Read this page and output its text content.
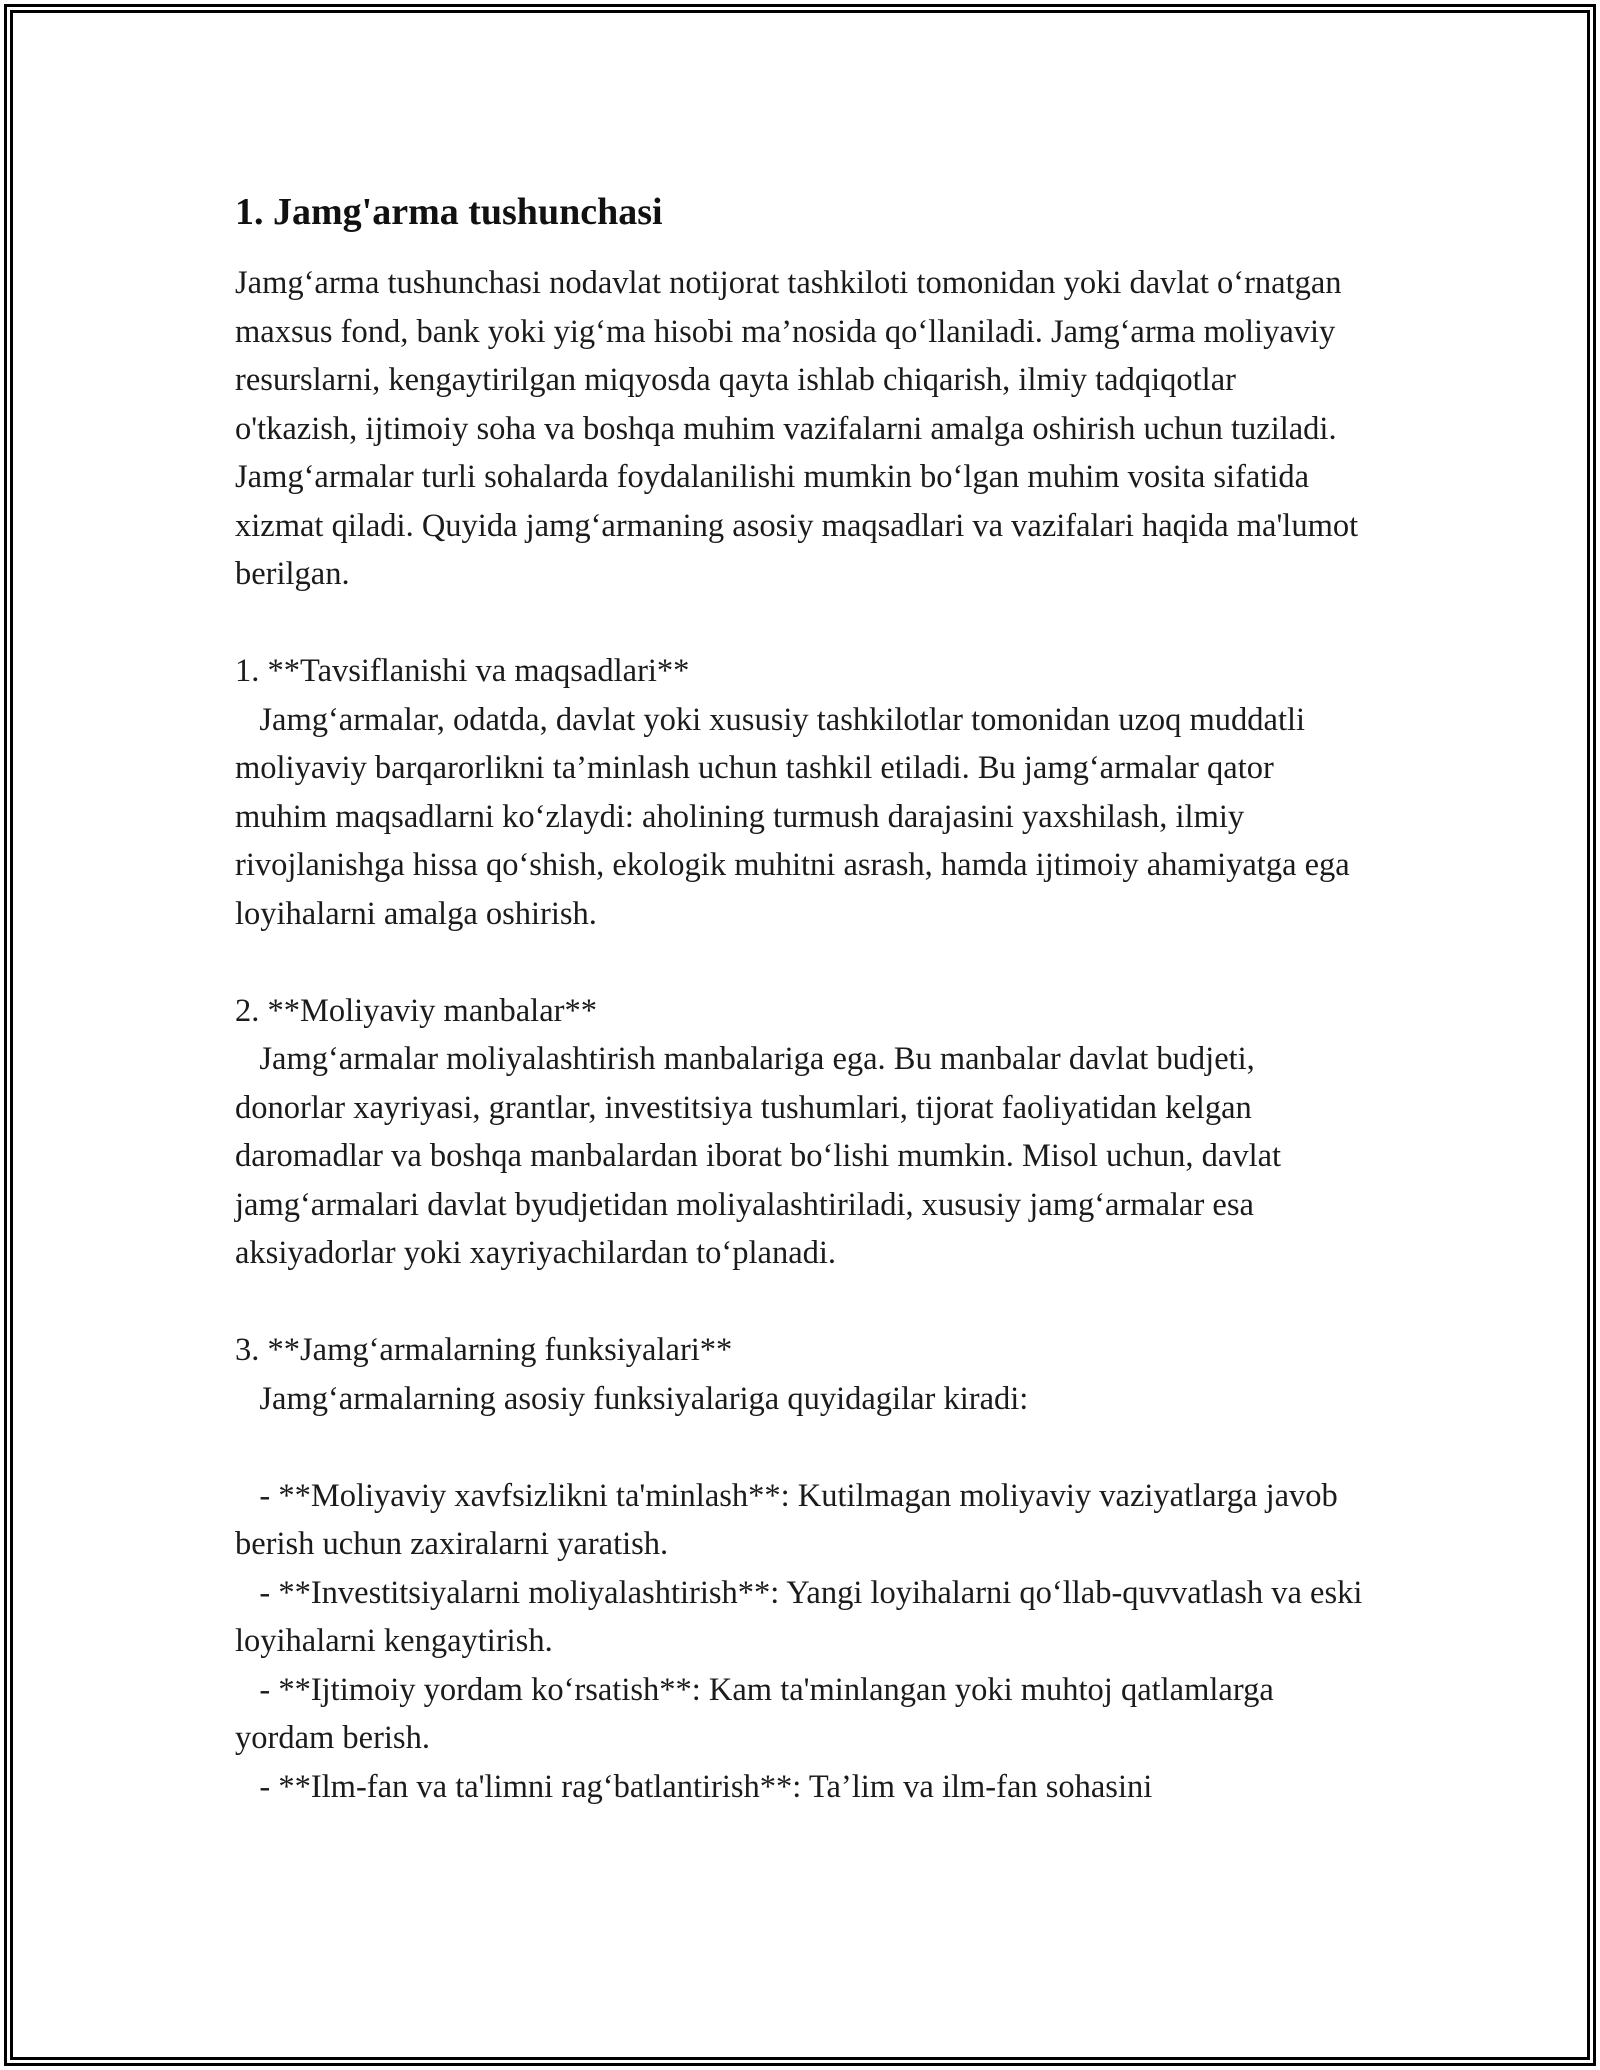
1. Jamg'arma tushunchasi

Jamg‘arma tushunchasi nodavlat notijorat tashkiloti tomonidan yoki davlat o‘rnatgan maxsus fond, bank yoki yig‘ma hisobi ma’nosida qo‘llaniladi. Jamg‘arma moliyaviy resurslarni, kengaytirilgan miqyosda qayta ishlab chiqarish, ilmiy tadqiqotlar o'tkazish, ijtimoiy soha va boshqa muhim vazifalarni amalga oshirish uchun tuziladi. Jamg‘armalar turli sohalarda foydalanilishi mumkin bo‘lgan muhim vosita sifatida xizmat qiladi. Quyida jamg‘armaning asosiy maqsadlari va vazifalari haqida ma'lumot berilgan.

1. **Tavsiflanishi va maqsadlari**
Jamg‘armalar, odatda, davlat yoki xususiy tashkilotlar tomonidan uzoq muddatli moliyaviy barqarorlikni ta’minlash uchun tashkil etiladi. Bu jamg‘armalar qator muhim maqsadlarni ko‘zlaydi: aholining turmush darajasini yaxshilash, ilmiy rivojlanishga hissa qo‘shish, ekologik muhitni asrash, hamda ijtimoiy ahamiyatga ega loyihalarni amalga oshirish.

2. **Moliyaviy manbalar**
Jamg‘armalar moliyalashtirish manbalariga ega. Bu manbalar davlat budjeti, donorlar xayriyasi, grantlar, investitsiya tushumlari, tijorat faoliyatidan kelgan daromadlar va boshqa manbalardan iborat bo‘lishi mumkin. Misol uchun, davlat jamg‘armalari davlat byudjetidan moliyalashtiriladi, xususiy jamg‘armalar esa aksiyadorlar yoki xayriyachilardan to‘planadi.

3. **Jamg‘armalarning funksiyalari**
Jamg‘armalarning asosiy funksiyalariga quyidagilar kiradi:

- **Moliyaviy xavfsizlikni ta'minlash**: Kutilmagan moliyaviy vaziyatlarga javob berish uchun zaxiralarni yaratish.
- **Investitsiyalarni moliyalashtirish**: Yangi loyihalarni qo‘llab-quvvatlash va eski loyihalarni kengaytirish.
- **Ijtimoiy yordam ko‘rsatish**: Kam ta'minlangan yoki muhtoj qatlamlarga yordam berish.
- **Ilm-fan va ta'limni rag‘batlantirish**: Ta’lim va ilm-fan sohasini
